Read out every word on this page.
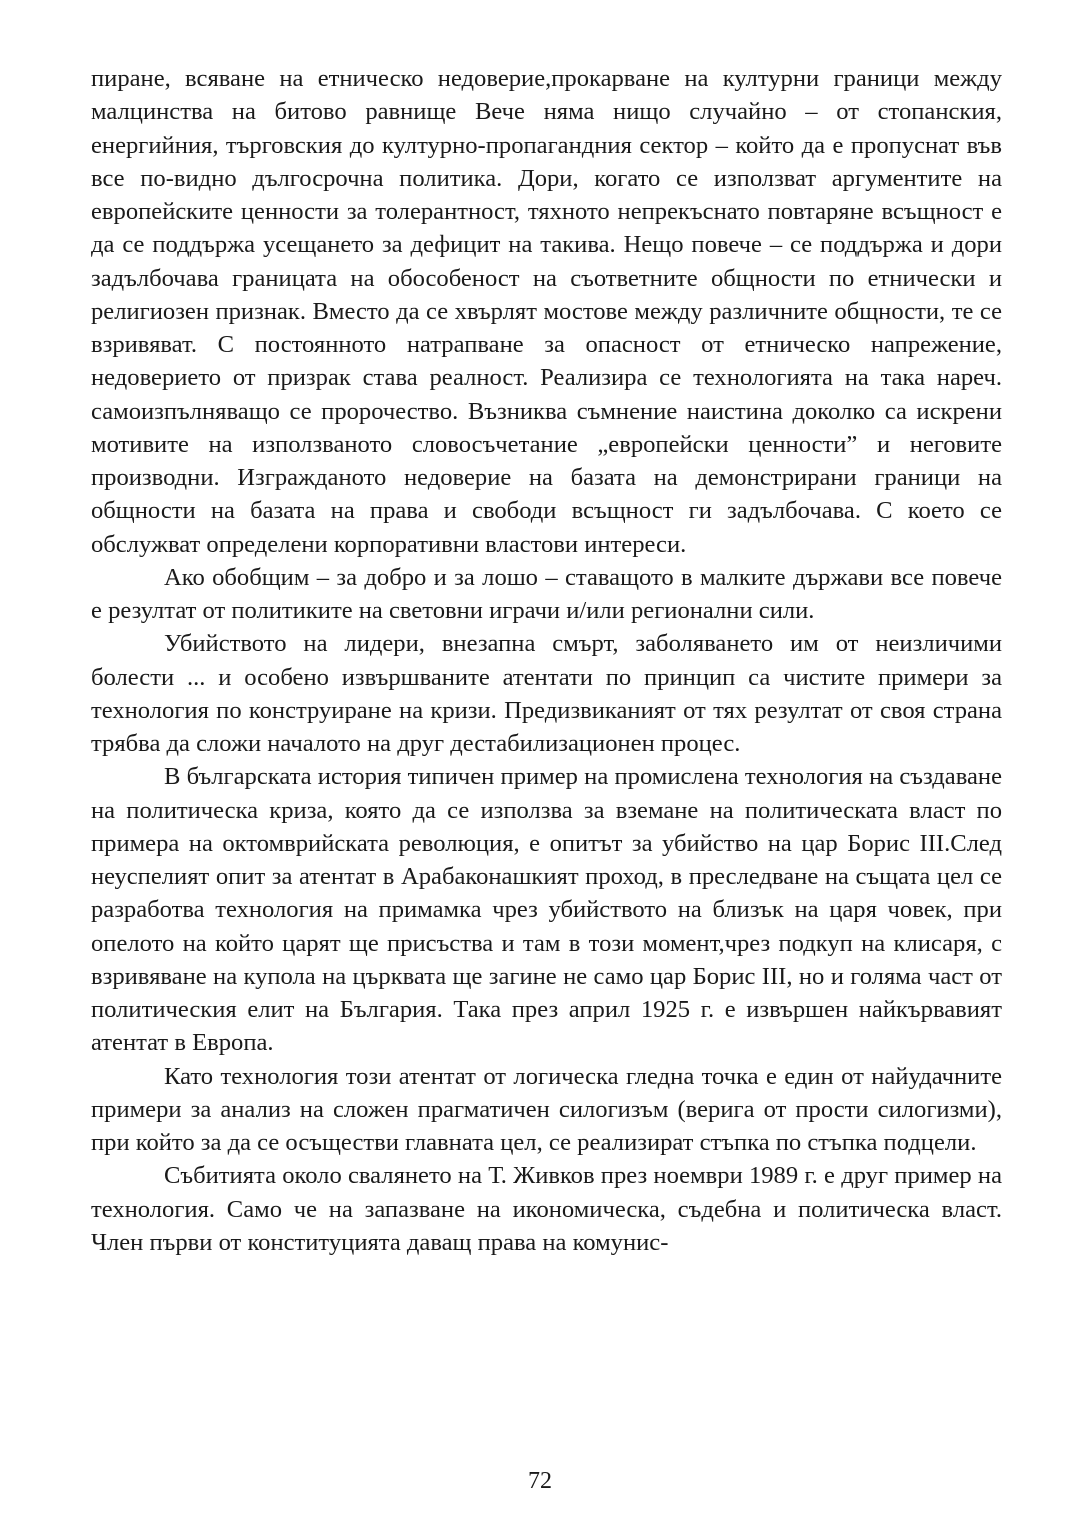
пиране, всяване на етническо недоверие,прокарване на културни граници между малцинства на битово равнище Вече няма нищо случайно – от стопанския, енергийния, търговския до културно-пропагандния сектор – който да е пропуснат във все по-видно дългосрочна политика. Дори, когато се използват аргументите на европейските ценности за толерантност, тяхното непрекъснато повтаряне всъщност е да се поддържа усещането за дефицит на такива. Нещо повече – се поддържа и дори задълбочава границата на обособеност на съответните общности по етнически и религиозен признак. Вместо да се хвърлят мостове между различните общности, те се взривяват. С постоянното натрапване за опасност от етническо напрежение, недоверието от призрак става реалност. Реализира се технологията на така нареч. самоизпълняващо се пророчество. Възниква съмнение наистина доколко са искрени мотивите на използваното словосъчетание „европейски ценности” и неговите производни. Изгражданото недоверие на базата на демонстрирани граници на общности на базата на права и свободи всъщност ги задълбочава. С което се обслужват определени корпоративни властови интереси.

Ако обобщим – за добро и за лошо – ставащото в малките държави все повече е резултат от политиките на световни играчи и/или регионални сили.

Убийството на лидери, внезапна смърт, заболяването им от неизличими болести ... и особено извършваните атентати по принцип са чистите примери за технология по конструиране на кризи. Предизвиканият от тях резултат от своя страна трябва да сложи началото на друг дестабилизационен процес.

В българската история типичен пример на промислена технология на създаване на политическа криза, която да се използва за вземане на политическата власт по примера на октомврийската революция, е опитът за убийство на цар Борис III.След неуспелият опит за атентат в Арабаконашкият проход, в преследване на същата цел се разработва технология на примамка чрез убийството на близък на царя човек, при опелото на който царят ще присъства и там в този момент,чрез подкуп на клисаря, с взривяване на купола на църквата ще загине не само цар Борис III, но и голяма част от политическия елит на България. Така през април 1925 г. е извършен найкървавият атентат в Европа.

Като технология този атентат от логическа гледна точка е един от найудачните примери за анализ на сложен прагматичен силогизъм (верига от прости силогизми), при който за да се осъществи главната цел, се реализират стъпка по стъпка подцели.

Събитията около свалянето на Т. Живков през ноември 1989 г. е друг пример на технология. Само че на запазване на икономическа, съдебна и политическа власт. Член първи от конституцията даващ права на комунис-

72
